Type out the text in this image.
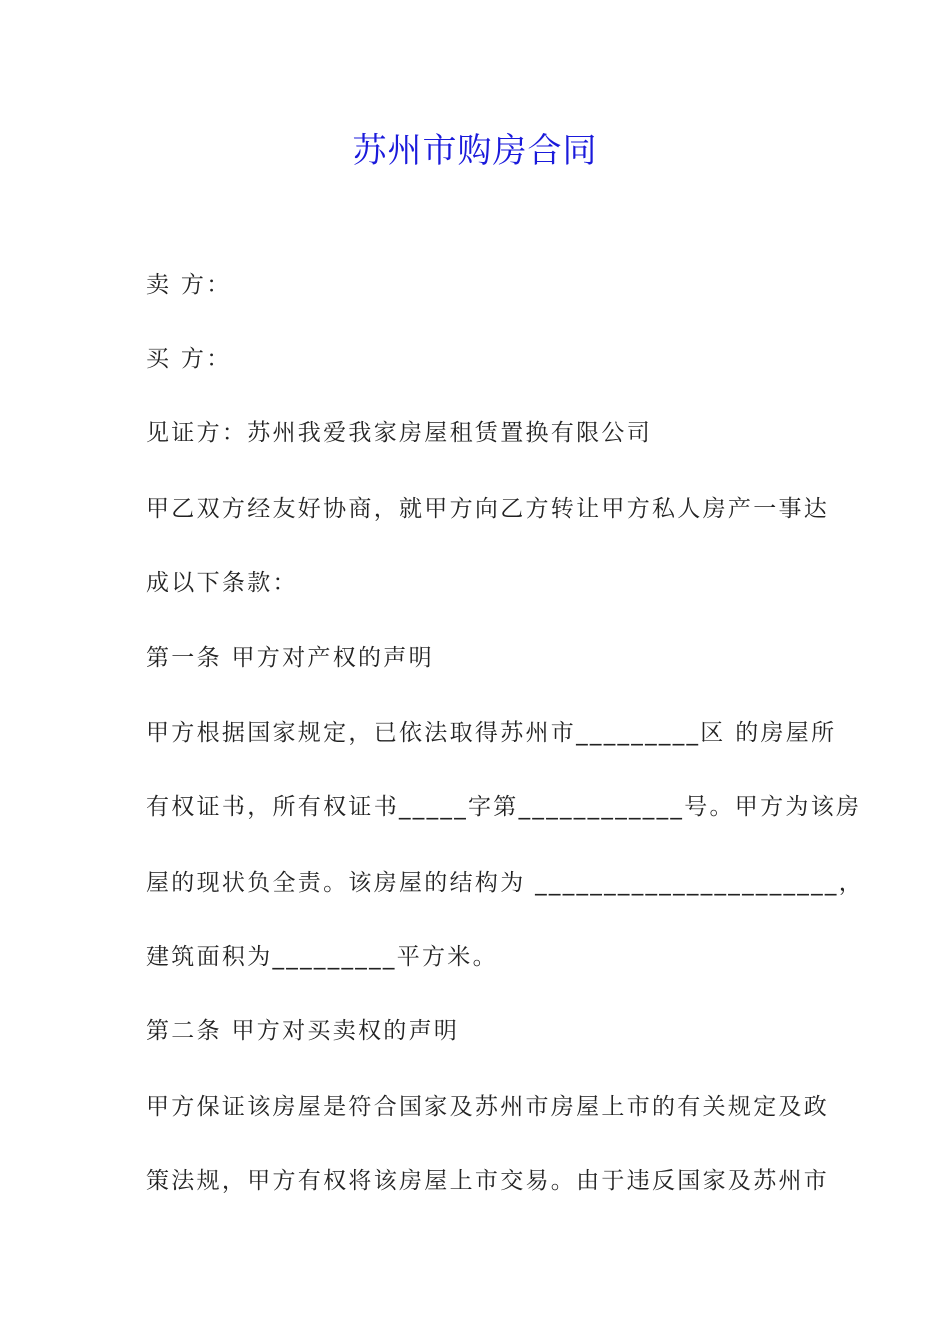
苏州市购房合同
卖 方：
买 方：
见证方：苏州我爱我家房屋租赁置换有限公司
甲乙双方经友好协商，就甲方向乙方转让甲方私人房产一事达
成以下条款：
第一条 甲方对产权的声明
甲方根据国家规定，已依法取得苏州市_________区 的房屋所
有权证书，所有权证书_____字第____________号。甲方为该房
屋的现状负全责。该房屋的结构为 ______________________，
建筑面积为_________平方米。
第二条 甲方对买卖权的声明
甲方保证该房屋是符合国家及苏州市房屋上市的有关规定及政
策法规，甲方有权将该房屋上市交易。由于违反国家及苏州市
